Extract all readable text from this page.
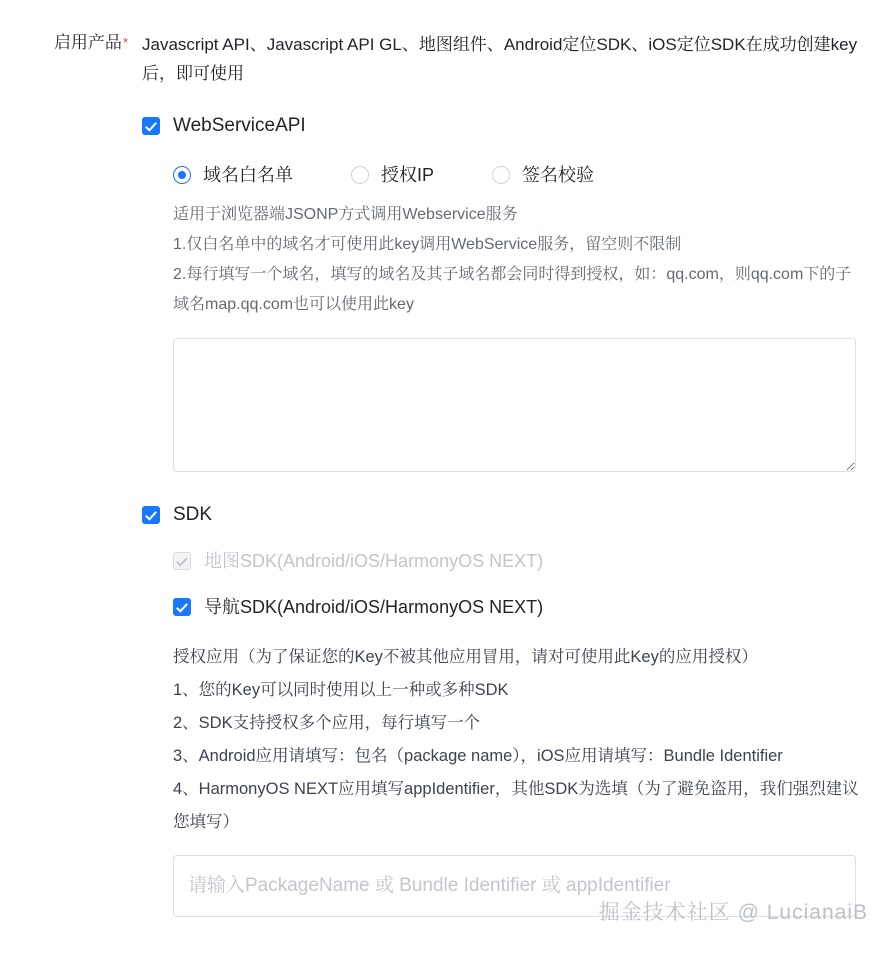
启用产品* Javascript API、Javascript API GL、地图组件、Android定位SDK、iOS定位SDK在成功创建key后，即可使用
WebServiceAPI
域名白名单	授权IP	签名校验
适用于浏览器端JSONP方式调用Webservice服务
1.仅白名单中的域名才可使用此key调用WebService服务，留空则不限制
2.每行填写一个域名，填写的域名及其子域名都会同时得到授权，如：qq.com，则qq.com下的子域名map.qq.com也可以使用此key
SDK
地图SDK(Android/iOS/HarmonyOS NEXT)
导航SDK(Android/iOS/HarmonyOS NEXT)
授权应用（为了保证您的Key不被其他应用冒用，请对可使用此Key的应用授权）
1、您的Key可以同时使用以上一种或多种SDK
2、SDK支持授权多个应用，每行填写一个
3、Android应用请填写：包名（package name），iOS应用请填写：Bundle Identifier
4、HarmonyOS NEXT应用填写appIdentifier，其他SDK为选填（为了避免盗用，我们强烈建议您填写）
请输入PackageName 或 Bundle Identifier 或 appIdentifier
掘金技术社区 @ LucianaiB
